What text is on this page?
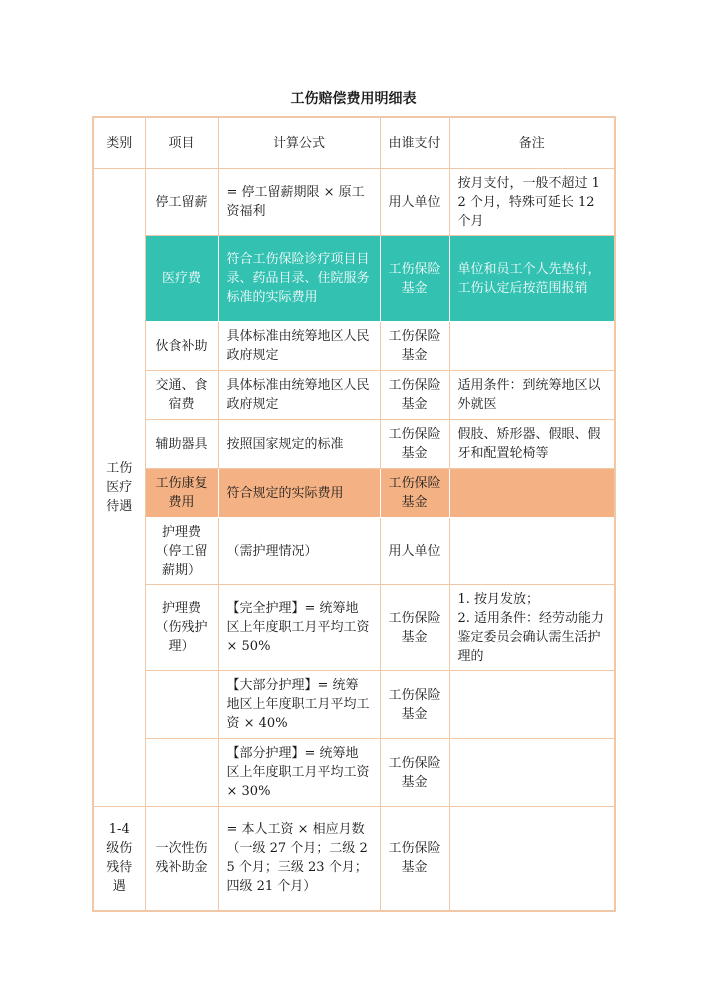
工伤赔偿费用明细表
类别	项目	计算公式	由谁支付	备注
工伤医疗待遇	停工留薪	= 停工留薪期限 × 原工资福利	用人单位	按月支付，一般不超过 12 个月，特殊可延长 12 个月
	医疗费	符合工伤保险诊疗项目目录、药品目录、住院服务标准的实际费用	工伤保险基金	单位和员工个人先垫付，工伤认定后按范围报销
	伙食补助	具体标准由统筹地区人民政府规定	工伤保险基金	
	交通、食宿费	具体标准由统筹地区人民政府规定	工伤保险基金	适用条件：到统筹地区以外就医
	辅助器具	按照国家规定的标准	工伤保险基金	假肢、矫形器、假眼、假牙和配置轮椅等
	工伤康复费用	符合规定的实际费用	工伤保险基金	
	护理费（停工留薪期）	（需护理情况）	用人单位	
	护理费（伤残护理）	【完全护理】= 统筹地区上年度职工月平均工资 × 50%	工伤保险基金	1. 按月发放；
2. 适用条件：经劳动能力鉴定委员会确认需生活护理的

		【大部分护理】= 统筹地区上年度职工月平均工资 × 40%	工伤保险基金	
		【部分护理】= 统筹地区上年度职工月平均工资 × 30%	工伤保险基金	
1-4 级伤残待遇	一次性伤残补助金	= 本人工资 × 相应月数
（一级 27 个月；二级 25 个月；三级 23 个月；四级 21 个月）	工伤保险基金	
